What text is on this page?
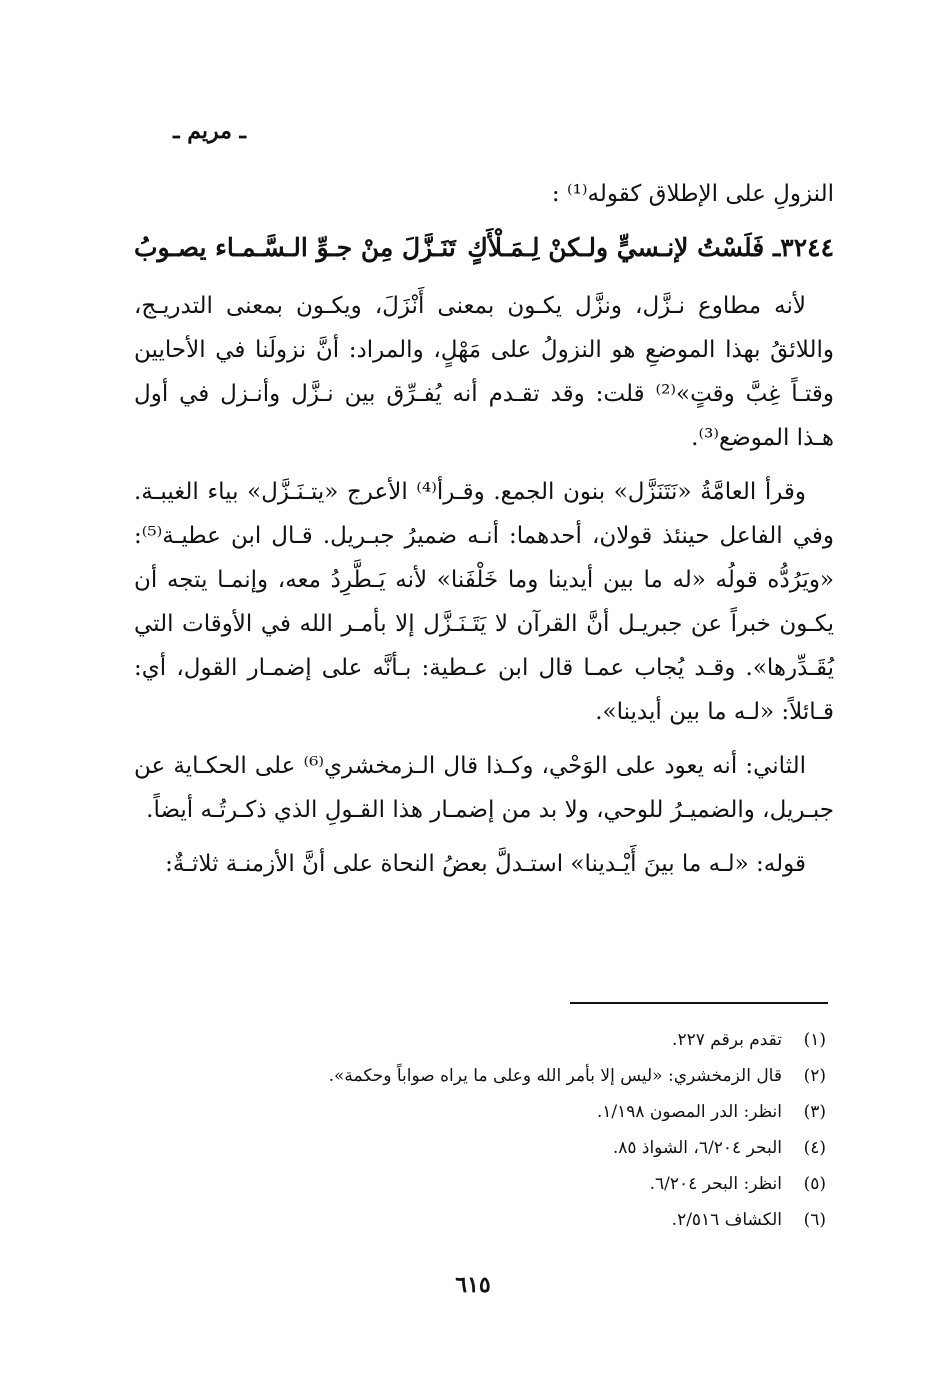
ـ مريم ـ

النزولِ على الإطلاق كقوله⁽¹⁾ :

٣٢٤٤ـ فَلَسْتُ لإنـسيٍّ ولـكنْ لِـمَـلْأَكٍ
تَنَـزَّلَ مِنْ جـوِّ الـسَّـمـاء يصـوبُ

لأنه مطاوع نـزَّل، ونزَّل يكـون بمعنى أَنْزَلَ، ويكـون بمعنى التدريـج، واللائقُ بهذا الموضعِ هو النزولُ على مَهْلٍ، والمراد: أنَّ نزولَنا في الأحايين وقتـاً غِبَّ وقتٍ»⁽²⁾ قلت: وقد تقـدم أنه يُفـرِّق بين نـزَّل وأنـزل في أول هـذا الموضع⁽³⁾.

وقرأ العامَّةُ «نَتَنَزَّل» بنون الجمع. وقـرأ⁽⁴⁾ الأعرج «يتـنَـزَّل» بياء الغيبـة. وفي الفاعل حينئذ قولان، أحدهما: أنـه ضميرُ جبـريل. قـال ابن عطيـة⁽⁵⁾: «ويَرُدُّه قولُه «له ما بين أيدينا وما خَلْفَنا» لأنه يَـطَّرِدُ معه، وإنمـا يتجه أن يكـون خبراً عن جبريـل أنَّ القرآن لا يَتَـنَـزَّل إلا بأمـر الله في الأوقات التي يُقَـدِّرها». وقـد يُجاب عمـا قال ابن عـطية: بـأنَّه على إضمـار القول، أي: قـائلاً: «لـه ما بين أيدينا».

الثاني: أنه يعود على الوَحْي، وكـذا قال الـزمخشري⁽⁶⁾ على الحكـاية عن جبـريل، والضميـرُ للوحي، ولا بد من إضمـار هذا القـولِ الذي ذكـرتُـه أيضاً.

قوله: «لـه ما بينَ أَيْـدينا» استـدلَّ بعضُ النحاة على أنَّ الأزمنـة ثلاثـةٌ:

(١)
تقدم برقم ٢٢٧.
(٢)
قال الزمخشري: «ليس إلا بأمر الله وعلى ما يراه صواباً وحكمة».
(٣)
انظر: الدر المصون ١/١٩٨.
(٤)
البحر ٦/٢٠٤، الشواذ ٨٥.
(٥)
انظر: البحر ٦/٢٠٤.
(٦)
الكشاف ٢/٥١٦.
٦١٥
